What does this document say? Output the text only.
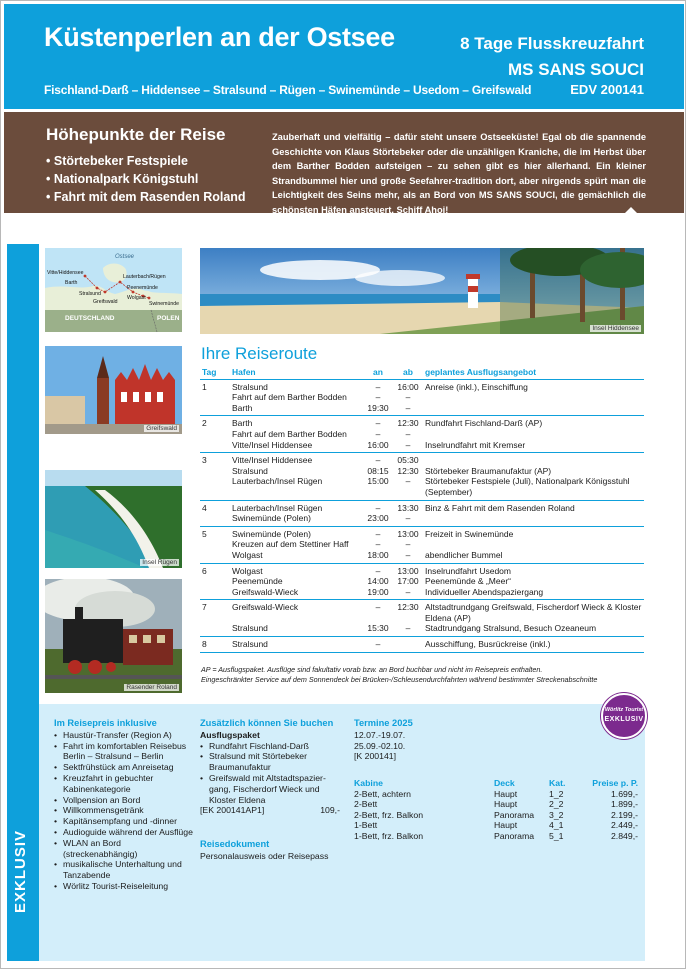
Küstenperlen an der Ostsee	8 Tage Flusskreuzfahrt
MS SANS SOUCI
Fischland-Darß – Hiddensee – Stralsund – Rügen – Swinemünde – Usedom – Greifswald	EDV 200141
Höhepunkte der Reise
• Störtebeker Festspiele
• Nationalpark Königstuhl
• Fahrt mit dem Rasenden Roland
Zauberhaft und vielfältig – dafür steht unsere Ostseeküste! Egal ob die spannende Geschichte von Klaus Störtebeker oder die unzähligen Kraniche, die im Herbst über dem Barther Bodden aufsteigen – zu sehen gibt es hier allerhand. Ein kleiner Strandbummel hier und große Seefahrer-tradition dort, aber nirgends spürt man die Leichtigkeit des Seins mehr, als an Bord von MS SANS SOUCI, die gemächlich die schönsten Häfen ansteuert. Schiff Ahoi!
EXKLUSIV
Ostsee
Vitte/Hiddensee
Lauterbach/Rügen
Barth
Stralsund
Peenemünde
Greifswald
Wolgast
Swinemünde
DEUTSCHLAND	POLEN
Insel Hiddensee
Greifswald
Insel Rügen
Rasender Roland
Ihre Reiseroute
Tag	Hafen	an	ab	geplantes Ausflugsangebot
1	Stralsund	–	16:00	Anreise (inkl.), Einschiffung
	Fahrt auf dem Barther Bodden	–	–	
	Barth	19:30	–	
2	Barth	–	12:30	Rundfahrt Fischland-Darß (AP)
	Fahrt auf dem Barther Bodden	–	–	
	Vitte/Insel Hiddensee	16:00	–	Inselrundfahrt mit Kremser
3	Vitte/Insel Hiddensee	–	05:30	
	Stralsund	08:15	12:30	Störtebeker Braumanufaktur (AP)
	Lauterbach/Insel Rügen	15:00	–	Störtebeker Festspiele (Juli), Nationalpark Königsstuhl (September)
4	Lauterbach/Insel Rügen	–	13:30	Binz & Fahrt mit dem Rasenden Roland
	Swinemünde (Polen)	23:00	–	
5	Swinemünde (Polen)	–	13:00	Freizeit in Swinemünde
	Kreuzen auf dem Stettiner Haff	–	–	
	Wolgast	18:00	–	abendlicher Bummel
6	Wolgast	–	13:00	Inselrundfahrt Usedom
	Peenemünde	14:00	17:00	Peenemünde & „Meer“
	Greifswald-Wieck	19:00	–	Individueller Abendspaziergang
7	Greifswald-Wieck	–	12:30	Altstadtrundgang Greifswald, Fischerdorf Wieck & Kloster Eldena (AP)
	Stralsund	15:30	–	Stadtrundgang Stralsund, Besuch Ozeaneum
8	Stralsund	–		Ausschiffung, Busrückreise (inkl.)
AP = Ausflugspaket. Ausflüge sind fakultativ vorab bzw. an Bord buchbar und nicht im Reisepreis enthalten.
Eingeschränkter Service auf dem Sonnendeck bei Brücken-/Schleusendurchfahrten während bestimmter Streckenabschnitte
Im Reisepreis inklusive
• Haustür-Transfer (Region A)
• Fahrt im komfortablen Reisebus Berlin – Stralsund – Berlin
• Sektfrühstück am Anreisetag
• Kreuzfahrt in gebuchter Kabinenkategorie
• Vollpension an Bord
• Willkommensgetränk
• Kapitänsempfang und -dinner
• Audioguide während der Ausflüge
• WLAN an Bord (streckenabhängig)
• musikalische Unterhaltung und Tanzabende
• Wörlitz Tourist-Reiseleitung
Zusätzlich können Sie buchen
Ausflugspaket
• Rundfahrt Fischland-Darß
• Stralsund mit Störtebeker Braumanufaktur
• Greifswald mit Altstadtspazier-gang, Fischerdorf Wieck und Kloster Eldena
[EK 200141AP1]	109,-
Reisedokument
Personalausweis oder Reisepass
Termine 2025
12.07.-19.07.
25.09.-02.10.
[K 200141]
Kabine	Deck	Kat.	Preise p. P.
2-Bett, achtern	Haupt	1_2	1.699,-
2-Bett	Haupt	2_2	1.899,-
2-Bett, frz. Balkon	Panorama	3_2	2.199,-
1-Bett	Haupt	4_1	2.449,-
1-Bett, frz. Balkon	Panorama	5_1	2.849,-
Wörlitz Tourist
EXKLUSIV
